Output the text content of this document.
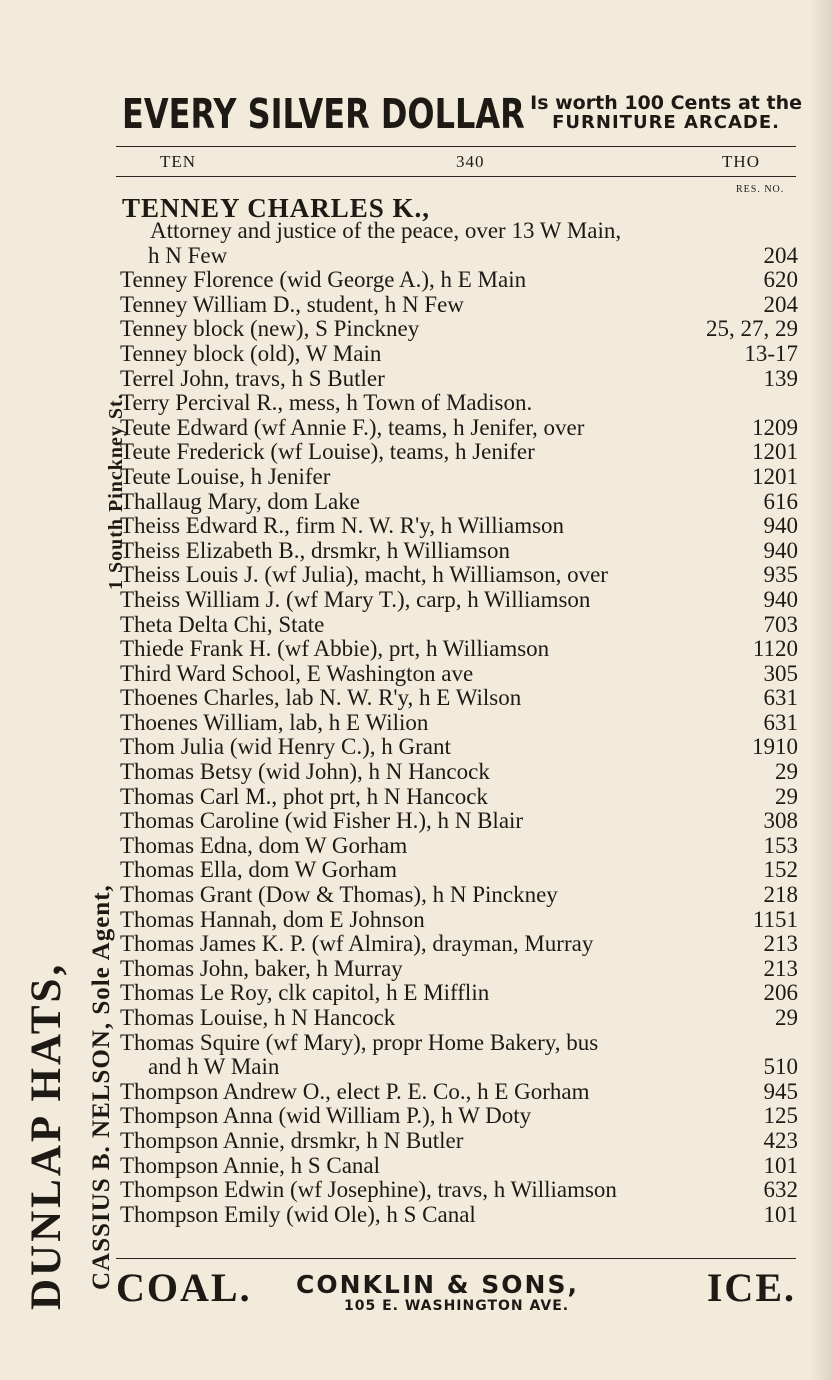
EVERY SILVER DOLLAR Is worth 100 Cents at the
FURNITURE ARCADE.
TEN	340	THO
RES. NO.
TENNEY CHARLES K.,
Attorney and justice of the peace, over 13 W Main,
h N Few	204
Tenney Florence (wid George A.), h E Main	620
Tenney William D., student, h N Few	204
Tenney block (new), S Pinckney	25, 27, 29
Tenney block (old), W Main	13-17
Terrel John, travs, h S Butler	139
Terry Percival R., mess, h Town of Madison.
Teute Edward (wf Annie F.), teams, h Jenifer, over	1209
Teute Frederick (wf Louise), teams, h Jenifer	1201
Teute Louise, h Jenifer	1201
Thallaug Mary, dom Lake	616
Theiss Edward R., firm N. W. R'y, h Williamson	940
Theiss Elizabeth B., drsmkr, h Williamson	940
Theiss Louis J. (wf Julia), macht, h Williamson, over	935
Theiss William J. (wf Mary T.), carp, h Williamson	940
Theta Delta Chi, State	703
Thiede Frank H. (wf Abbie), prt, h Williamson	1120
Third Ward School, E Washington ave	305
Thoenes Charles, lab N. W. R'y, h E Wilson	631
Thoenes William, lab, h E Wilion	631
Thom Julia (wid Henry C.), h Grant	1910
Thomas Betsy (wid John), h N Hancock	29
Thomas Carl M., phot prt, h N Hancock	29
Thomas Caroline (wid Fisher H.), h N Blair	308
Thomas Edna, dom W Gorham	153
Thomas Ella, dom W Gorham	152
Thomas Grant (Dow & Thomas), h N Pinckney	218
Thomas Hannah, dom E Johnson	1151
Thomas James K. P. (wf Almira), drayman, Murray	213
Thomas John, baker, h Murray	213
Thomas Le Roy, clk capitol, h E Mifflin	206
Thomas Louise, h N Hancock	29
Thomas Squire (wf Mary), propr Home Bakery, bus
and h W Main	510
Thompson Andrew O., elect P. E. Co., h E Gorham	945
Thompson Anna (wid William P.), h W Doty	125
Thompson Annie, drsmkr, h N Butler	423
Thompson Annie, h S Canal	101
Thompson Edwin (wf Josephine), travs, h Williamson	632
Thompson Emily (wid Ole), h S Canal	101
COAL. CONKLIN & SONS,
105 E. WASHINGTON AVE.	ICE.
DUNLAP HATS, CASSIUS B. NELSON, Sole Agent,
1 South Pinckney St.
